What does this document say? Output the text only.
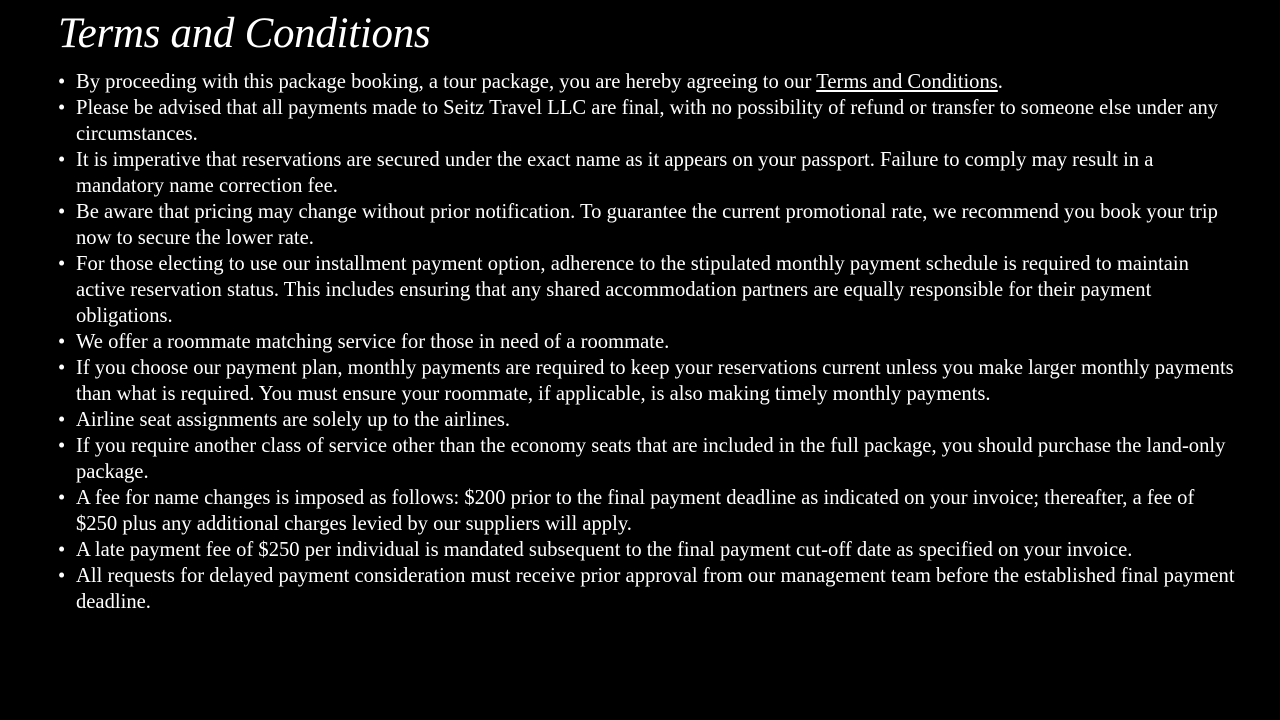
Terms and Conditions
• By proceeding with this package booking, a tour package, you are hereby agreeing to our Terms and Conditions.
• Please be advised that all payments made to Seitz Travel LLC are final, with no possibility of refund or transfer to someone else under any circumstances.
• It is imperative that reservations are secured under the exact name as it appears on your passport. Failure to comply may result in a mandatory name correction fee.
• Be aware that pricing may change without prior notification. To guarantee the current promotional rate, we recommend you book your trip now to secure the lower rate.
• For those electing to use our installment payment option, adherence to the stipulated monthly payment schedule is required to maintain active reservation status. This includes ensuring that any shared accommodation partners are equally responsible for their payment obligations.
• We offer a roommate matching service for those in need of a roommate.
• If you choose our payment plan, monthly payments are required to keep your reservations current unless you make larger monthly payments than what is required. You must ensure your roommate, if applicable, is also making timely monthly payments.
• Airline seat assignments are solely up to the airlines.
• If you require another class of service other than the economy seats that are included in the full package, you should purchase the land-only package.
• A fee for name changes is imposed as follows: $200 prior to the final payment deadline as indicated on your invoice; thereafter, a fee of $250 plus any additional charges levied by our suppliers will apply.
• A late payment fee of $250 per individual is mandated subsequent to the final payment cut-off date as specified on your invoice.
• All requests for delayed payment consideration must receive prior approval from our management team before the established final payment deadline.
